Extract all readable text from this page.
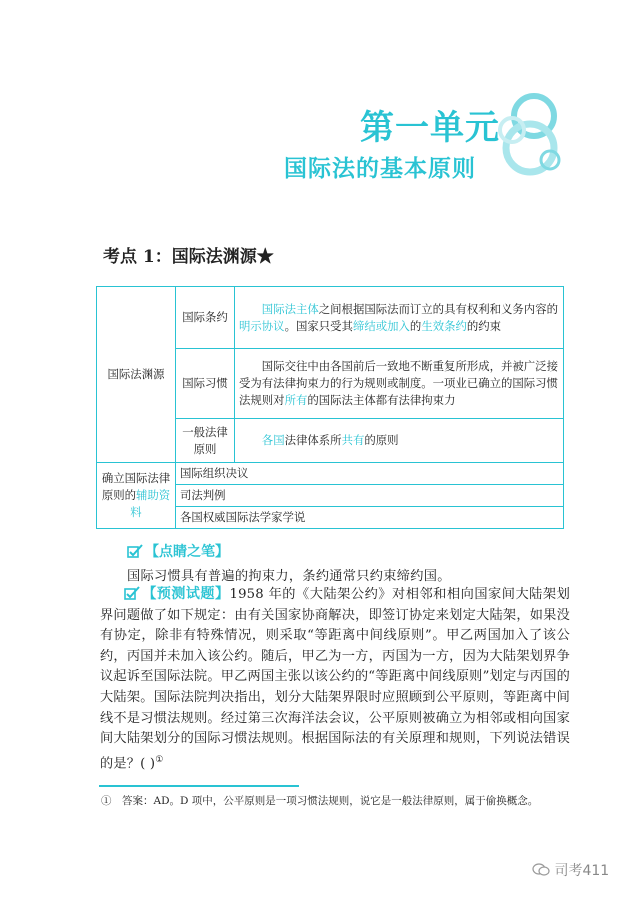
第一单元
国际法的基本原则
考点 1：国际法渊源★
国际法渊源	国际条约	国际法主体之间根据国际法而订立的具有权利和义务内容的明示协议。国家只受其缔结或加入的生效条约的约束
	国际习惯	国际交往中由各国前后一致地不断重复所形成，并被广泛接受为有法律拘束力的行为规则或制度。一项业已确立的国际习惯法规则对所有的国际法主体都有法律拘束力
	一般法律原则	各国法律体系所共有的原则
确立国际法律原则的辅助资料	国际组织决议	
	司法判例	
	各国权威国际法学家学说	
【点睛之笔】
国际习惯具有普遍的拘束力，条约通常只约束缔约国。
【预测试题】1958 年的《大陆架公约》对相邻和相向国家间大陆架划界问题做了如下规定：由有关国家协商解决，即签订协定来划定大陆架，如果没有协定，除非有特殊情况，则采取“等距离中间线原则”。甲乙两国加入了该公约，丙国并未加入该公约。随后，甲乙为一方，丙国为一方，因为大陆架划界争议起诉至国际法院。甲乙两国主张以该公约的“等距离中间线原则”划定与丙国的大陆架。国际法院判决指出，划分大陆架界限时应照顾到公平原则，等距离中间线不是习惯法规则。经过第三次海洋法会议，公平原则被确立为相邻或相向国家间大陆架划分的国际习惯法规则。根据国际法的有关原理和规则，下列说法错误的是？( )①
①　答案：AD。D 项中，公平原则是一项习惯法规则，说它是一般法律原则，属于偷换概念。
司考411
